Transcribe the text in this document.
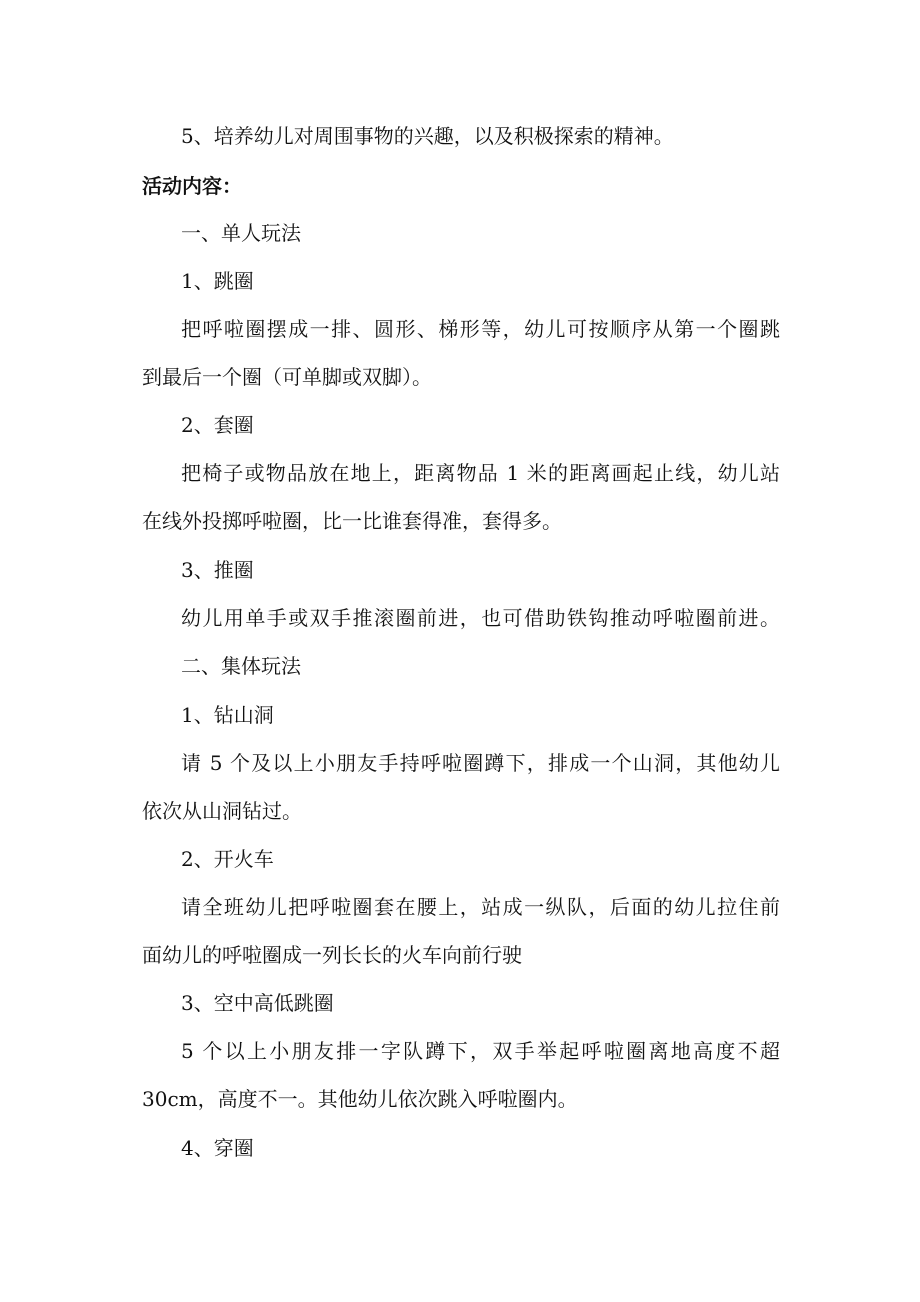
5、培养幼儿对周围事物的兴趣，以及积极探索的精神。
活动内容：
一、单人玩法
1、跳圈
把呼啦圈摆成一排、圆形、梯形等，幼儿可按顺序从第一个圈跳
到最后一个圈（可单脚或双脚）。
2、套圈
把椅子或物品放在地上，距离物品 1 米的距离画起止线，幼儿站
在线外投掷呼啦圈，比一比谁套得准，套得多。
3、推圈
幼儿用单手或双手推滚圈前进，也可借助铁钩推动呼啦圈前进。
二、集体玩法
1、钻山洞
请 5 个及以上小朋友手持呼啦圈蹲下，排成一个山洞，其他幼儿
依次从山洞钻过。
2、开火车
请全班幼儿把呼啦圈套在腰上，站成一纵队，后面的幼儿拉住前
面幼儿的呼啦圈成一列长长的火车向前行驶
3、空中高低跳圈
5 个以上小朋友排一字队蹲下，双手举起呼啦圈离地高度不超
30cm，高度不一。其他幼儿依次跳入呼啦圈内。
4、穿圈
